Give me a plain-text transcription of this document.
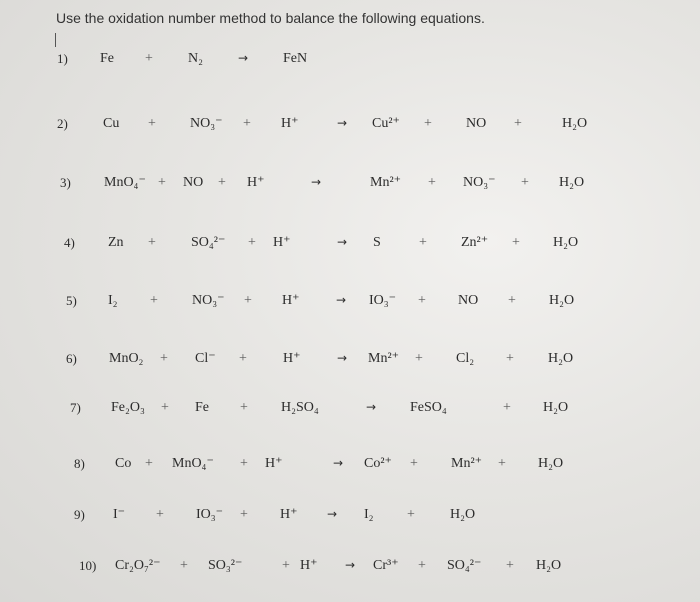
Use the oxidation number method to balance the following equations.
1) Fe +	N₂	→ FeN
2)	Cu + NO₃⁻ + H⁺	→ Cu²⁺ + NO +	H₂O
3) MnO₄⁻ + NO + H⁺	→	Mn²⁺ + NO₃⁻ + H₂O
4) Zn +	SO₄²⁻ + H⁺	→ S	+ Zn²⁺ + H₂O
5) I₂ + NO₃⁻ + H⁺	→ IO₃⁻ + NO + H₂O
6) MnO₂ + Cl⁻ +	H⁺	→ Mn²⁺ + Cl₂ + H₂O
7) Fe₂O₃ + Fe + H₂SO₄	→ FeSO₄	+ H₂O
8) Co + MnO₄⁻ + H⁺	→ Co²⁺ + Mn²⁺ + H₂O
9) I⁻ + IO₃⁻ + H⁺ → I₂ +	H₂O
10) Cr₂O₇²⁻ + SO₃²⁻	+ H⁺ → Cr³⁺ + SO₄²⁻ + H₂O
